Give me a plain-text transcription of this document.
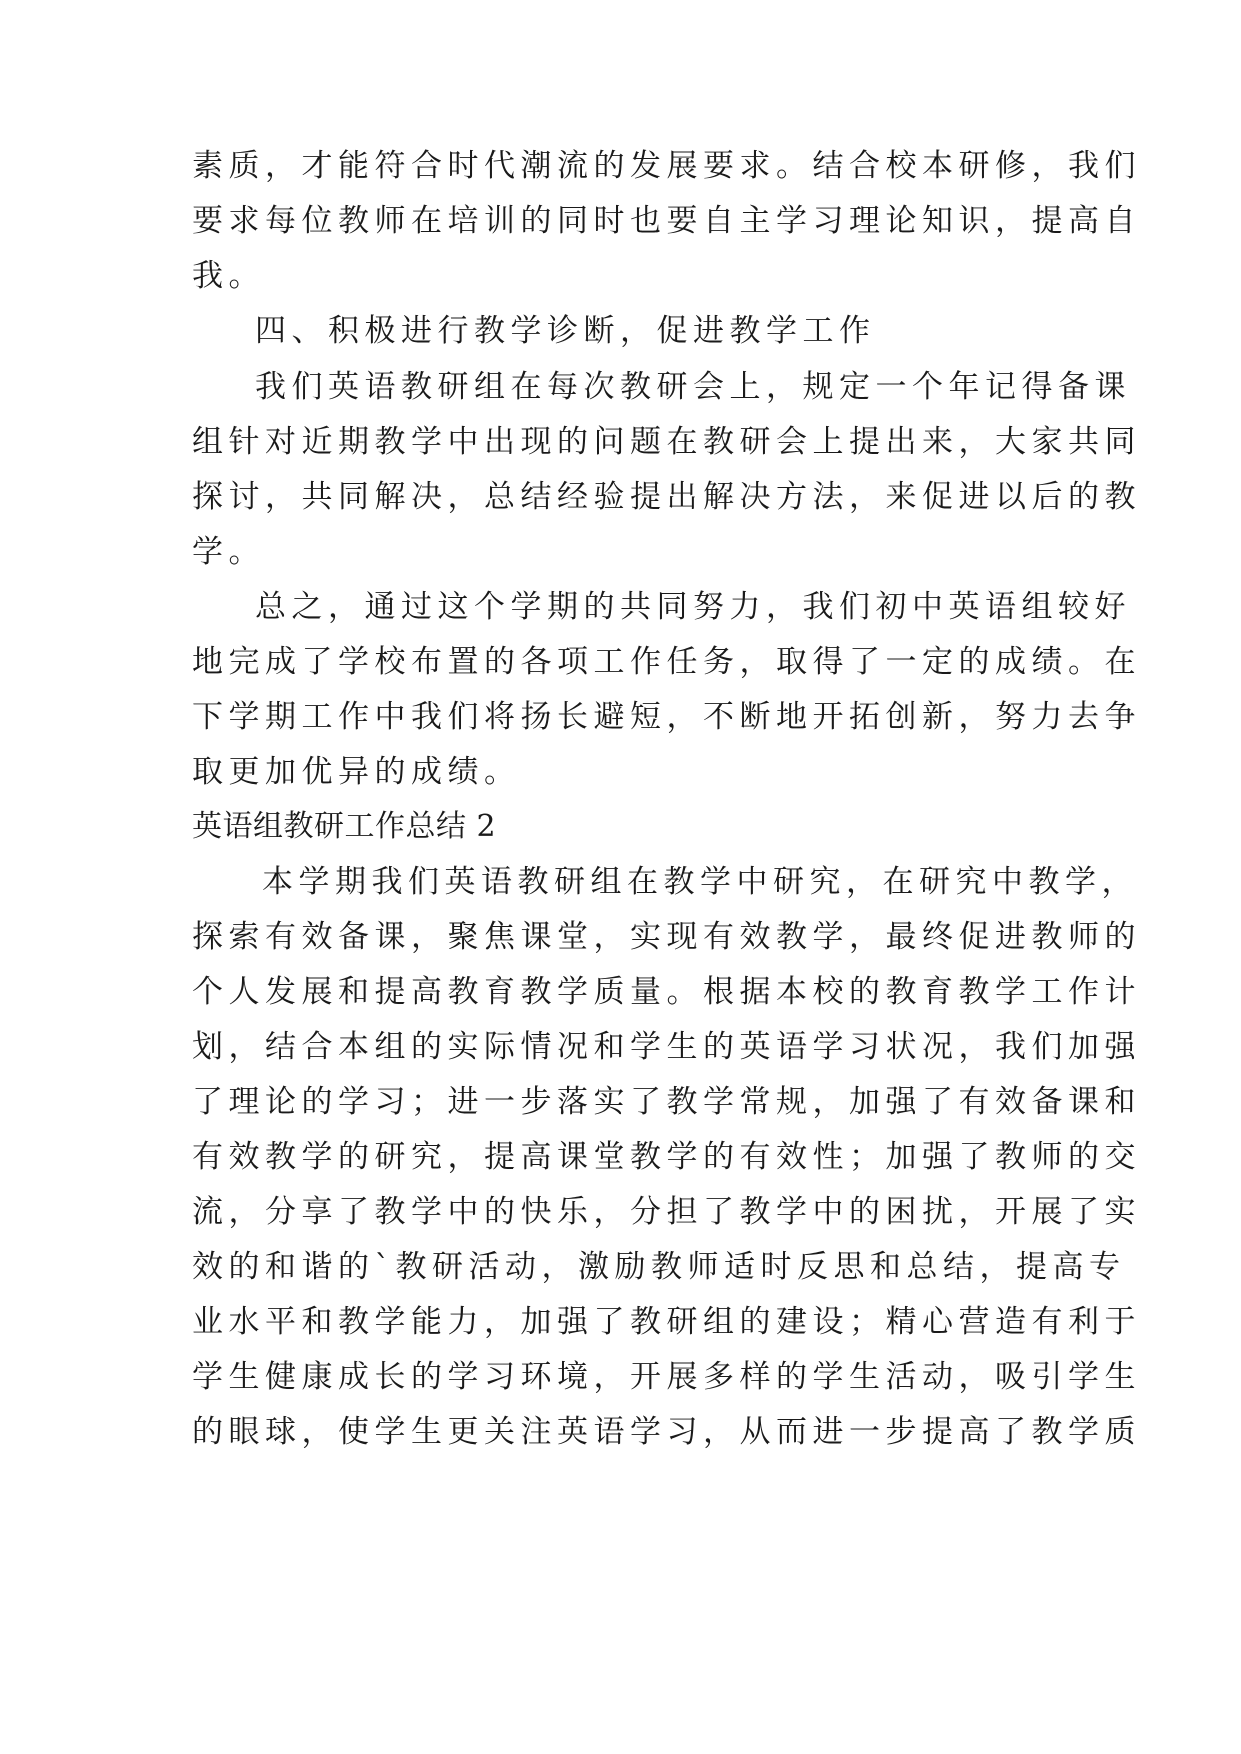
素质，才能符合时代潮流的发展要求。结合校本研修，我们
要求每位教师在培训的同时也要自主学习理论知识，提高自
我。
四、积极进行教学诊断，促进教学工作
我们英语教研组在每次教研会上，规定一个年记得备课
组针对近期教学中出现的问题在教研会上提出来，大家共同
探讨，共同解决，总结经验提出解决方法，来促进以后的教
学。
总之，通过这个学期的共同努力，我们初中英语组较好
地完成了学校布置的各项工作任务，取得了一定的成绩。在
下学期工作中我们将扬长避短，不断地开拓创新，努力去争
取更加优异的成绩。
英语组教研工作总结 2
本学期我们英语教研组在教学中研究，在研究中教学，
探索有效备课，聚焦课堂，实现有效教学，最终促进教师的
个人发展和提高教育教学质量。根据本校的教育教学工作计
划，结合本组的实际情况和学生的英语学习状况，我们加强
了理论的学习；进一步落实了教学常规，加强了有效备课和
有效教学的研究，提高课堂教学的有效性；加强了教师的交
流，分享了教学中的快乐，分担了教学中的困扰，开展了实
效的和谐的`教研活动，激励教师适时反思和总结，提高专
业水平和教学能力，加强了教研组的建设；精心营造有利于
学生健康成长的学习环境，开展多样的学生活动，吸引学生
的眼球，使学生更关注英语学习，从而进一步提高了教学质
